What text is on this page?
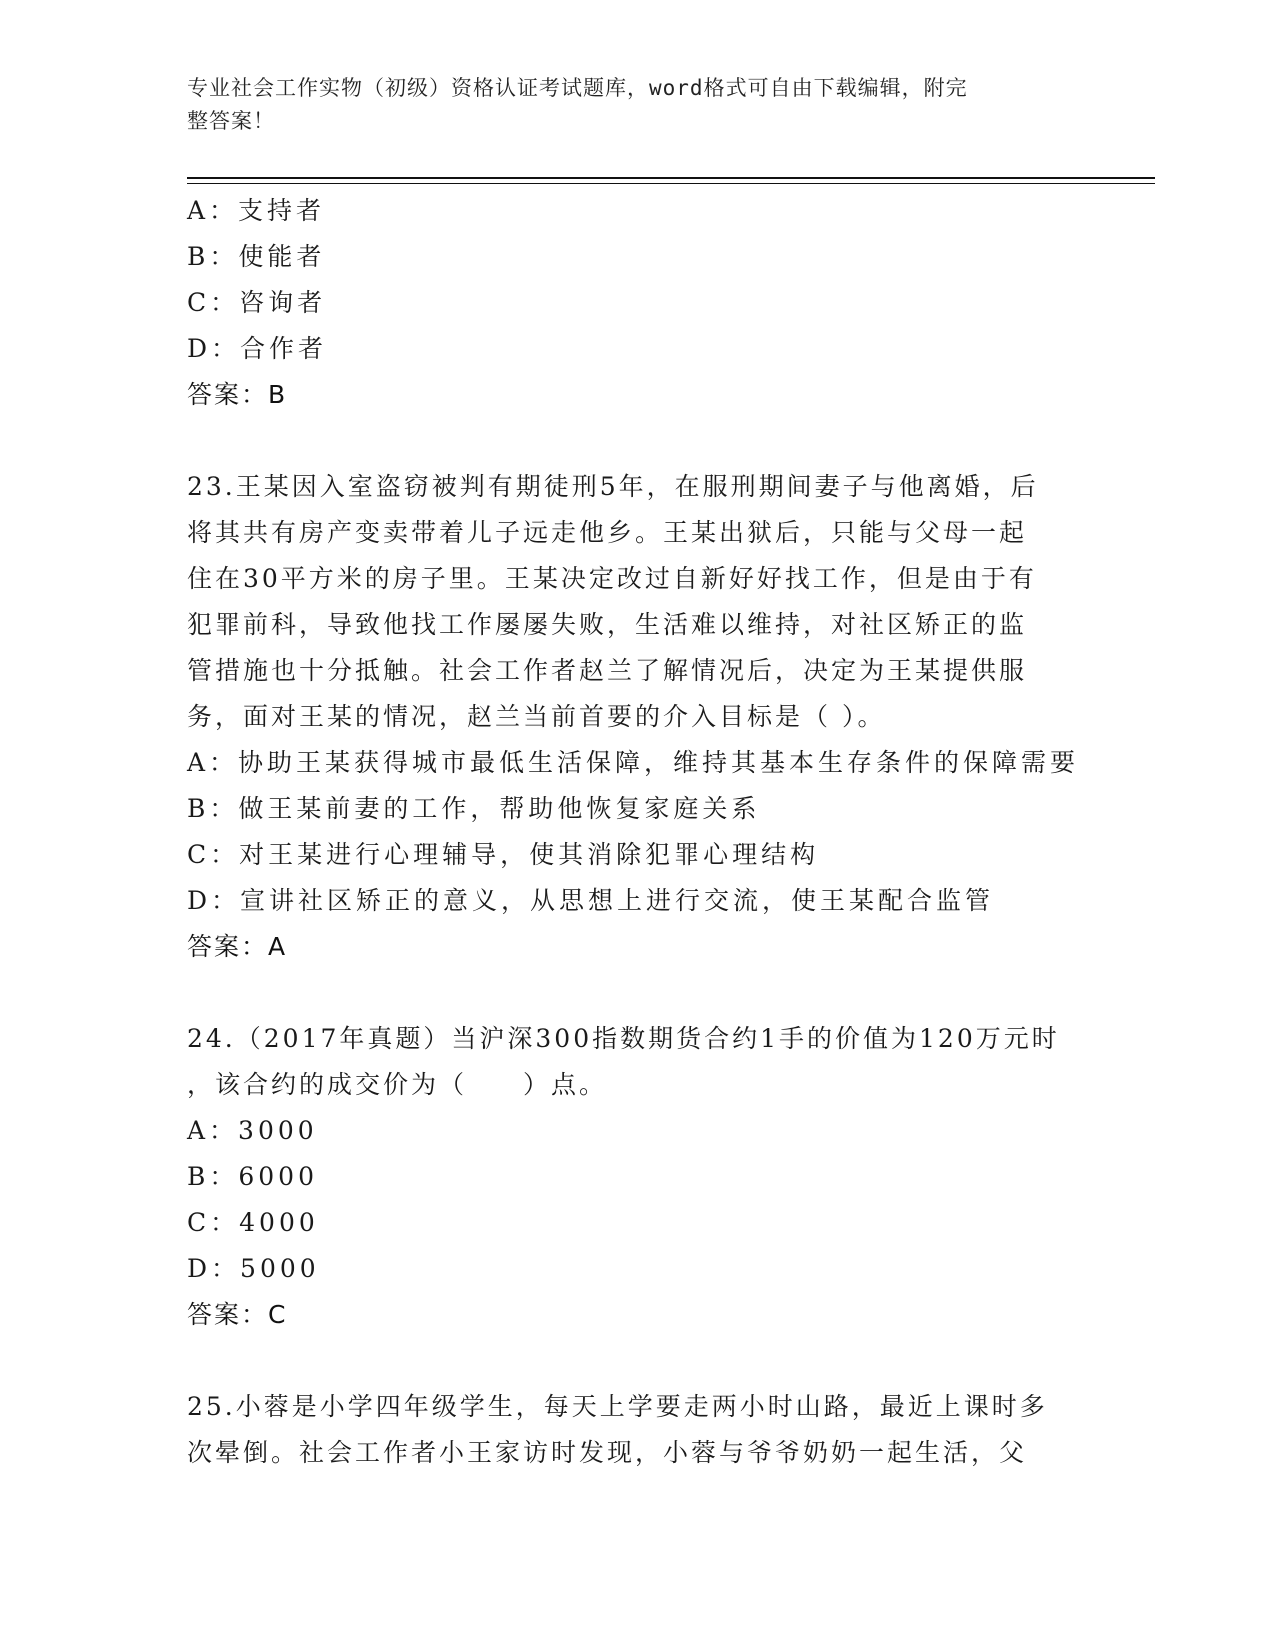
专业社会工作实物（初级）资格认证考试题库，word格式可自由下载编辑，附完
整答案！
A：支持者
B：使能者
C：咨询者
D：合作者
答案：B
23.王某因入室盗窃被判有期徒刑5年，在服刑期间妻子与他离婚，后
将其共有房产变卖带着儿子远走他乡。王某出狱后，只能与父母一起
住在30平方米的房子里。王某决定改过自新好好找工作，但是由于有
犯罪前科，导致他找工作屡屡失败，生活难以维持，对社区矫正的监
管措施也十分抵触。社会工作者赵兰了解情况后，决定为王某提供服
务，面对王某的情况，赵兰当前首要的介入目标是（ ）。
A：协助王某获得城市最低生活保障，维持其基本生存条件的保障需要
B：做王某前妻的工作，帮助他恢复家庭关系
C：对王某进行心理辅导，使其消除犯罪心理结构
D：宣讲社区矫正的意义，从思想上进行交流，使王某配合监管
答案：A
24.（2017年真题）当沪深300指数期货合约1手的价值为120万元时
，该合约的成交价为（　　）点。
A：3000
B：6000
C：4000
D：5000
答案：C
25.小蓉是小学四年级学生，每天上学要走两小时山路，最近上课时多
次晕倒。社会工作者小王家访时发现，小蓉与爷爷奶奶一起生活，父
